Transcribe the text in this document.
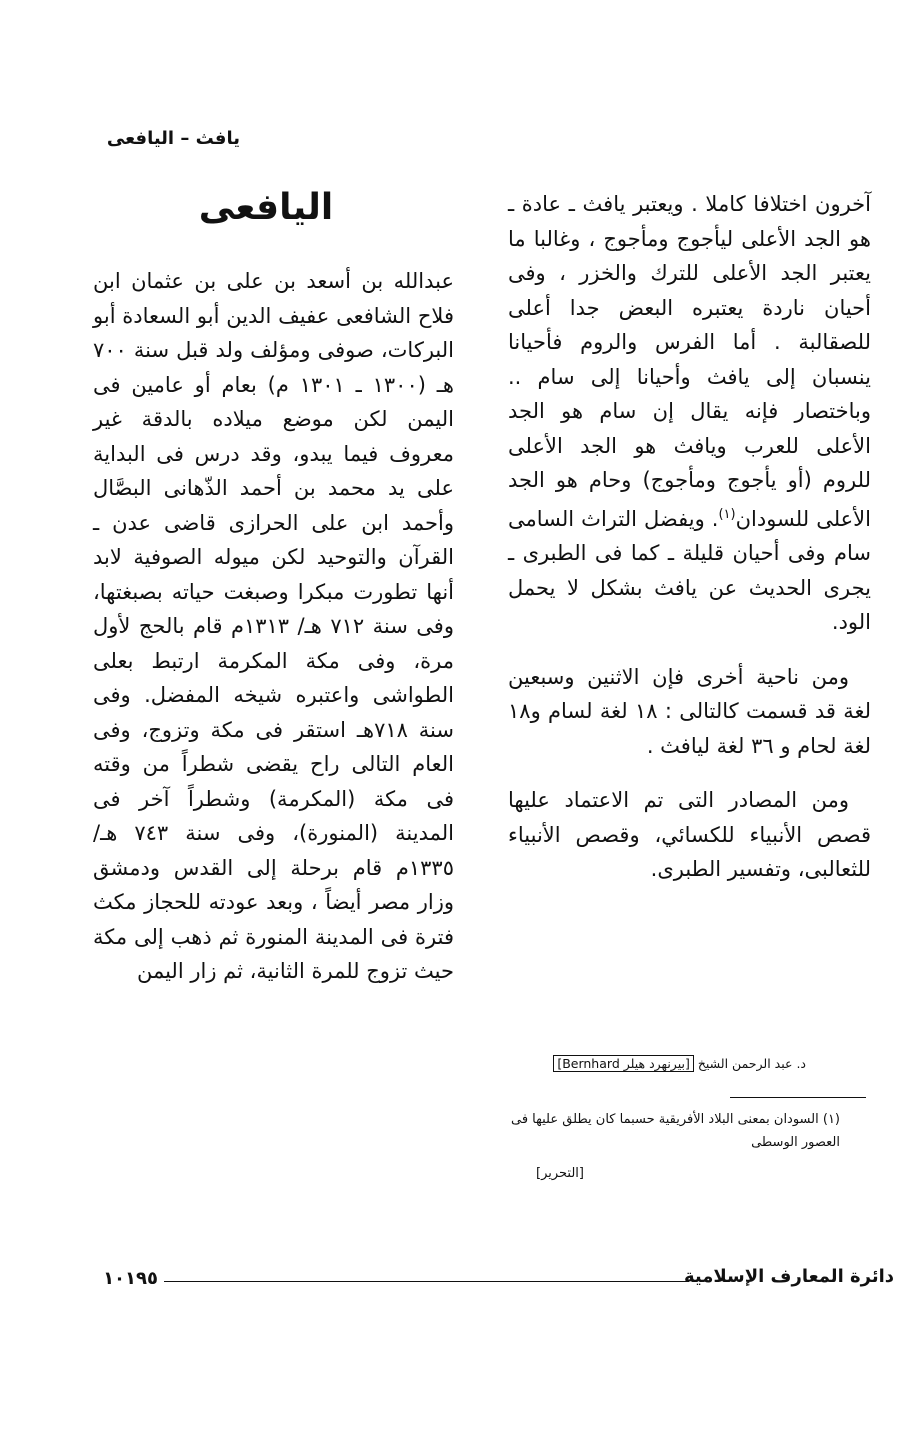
يافث – اليافعى

آخرون اختلافا كاملا . ويعتبر يافث ـ عادة ـ هو الجد الأعلى ليأجوج ومأجوج ، وغالبا ما يعتبر الجد الأعلى للترك والخزر ، وفى أحيان ناردة يعتبره البعض جدا أعلى للصقالبة . أما الفرس والروم فأحيانا ينسبان إلى يافث وأحيانا إلى سام .. وباختصار فإنه يقال إن سام هو الجد الأعلى للعرب ويافث هو الجد الأعلى للروم (أو يأجوج ومأجوج) وحام هو الجد الأعلى للسودان$^{(١)}$. ويفضل التراث السامى سام وفى أحيان قليلة ـ كما فى الطبرى ـ يجرى الحديث عن يافث بشكل لا يحمل الود.

ومن ناحية أخرى فإن الاثنين وسبعين لغة قد قسمت كالتالى : ١٨ لغة لسام و١٨ لغة لحام و ٣٦ لغة ليافث .

ومن المصادر التى تم الاعتماد عليها قصص الأنبياء للكسائي، وقصص الأنبياء للثعالبى، وتفسير الطبرى.

د. عبد الرحمن الشيخ [بيرنهرد هيلر Bernhard]
(١) السودان بمعنى البلاد الأفريقية حسبما كان يطلق عليها فى العصور الوسطى
[التحرير]
اليافعى

عبدالله بن أسعد بن على بن عثمان ابن فلاح الشافعى عفيف الدين أبو السعادة أبو البركات، صوفى ومؤلف ولد قبل سنة ٧٠٠ هـ (١٣٠٠ ـ ١٣٠١ م) بعام أو عامين فى اليمن لكن موضع ميلاده بالدقة غير معروف فيما يبدو، وقد درس فى البداية على يد محمد بن أحمد الذّهانى البصَّال وأحمد ابن على الحرازى قاضى عدن ـ القرآن والتوحيد لكن ميوله الصوفية لابد أنها تطورت مبكرا وصبغت حياته بصبغتها، وفى سنة ٧١٢ هـ/ ١٣١٣م قام بالحج لأول مرة، وفى مكة المكرمة ارتبط بعلى الطواشى واعتبره شيخه المفضل. وفى سنة ٧١٨هـ استقر فى مكة وتزوج، وفى العام التالى راح يقضى شطراً من وقته فى مكة (المكرمة) وشطراً آخر فى المدينة (المنورة)، وفى سنة ٧٤٣ هـ/ ١٣٣٥م قام برحلة إلى القدس ودمشق وزار مصر أيضاً ، وبعد عودته للحجاز مكث فترة فى المدينة المنورة ثم ذهب إلى مكة حيث تزوج للمرة الثانية، ثم زار اليمن

دائرة المعارف الإسلامية
١٠١٩٥
